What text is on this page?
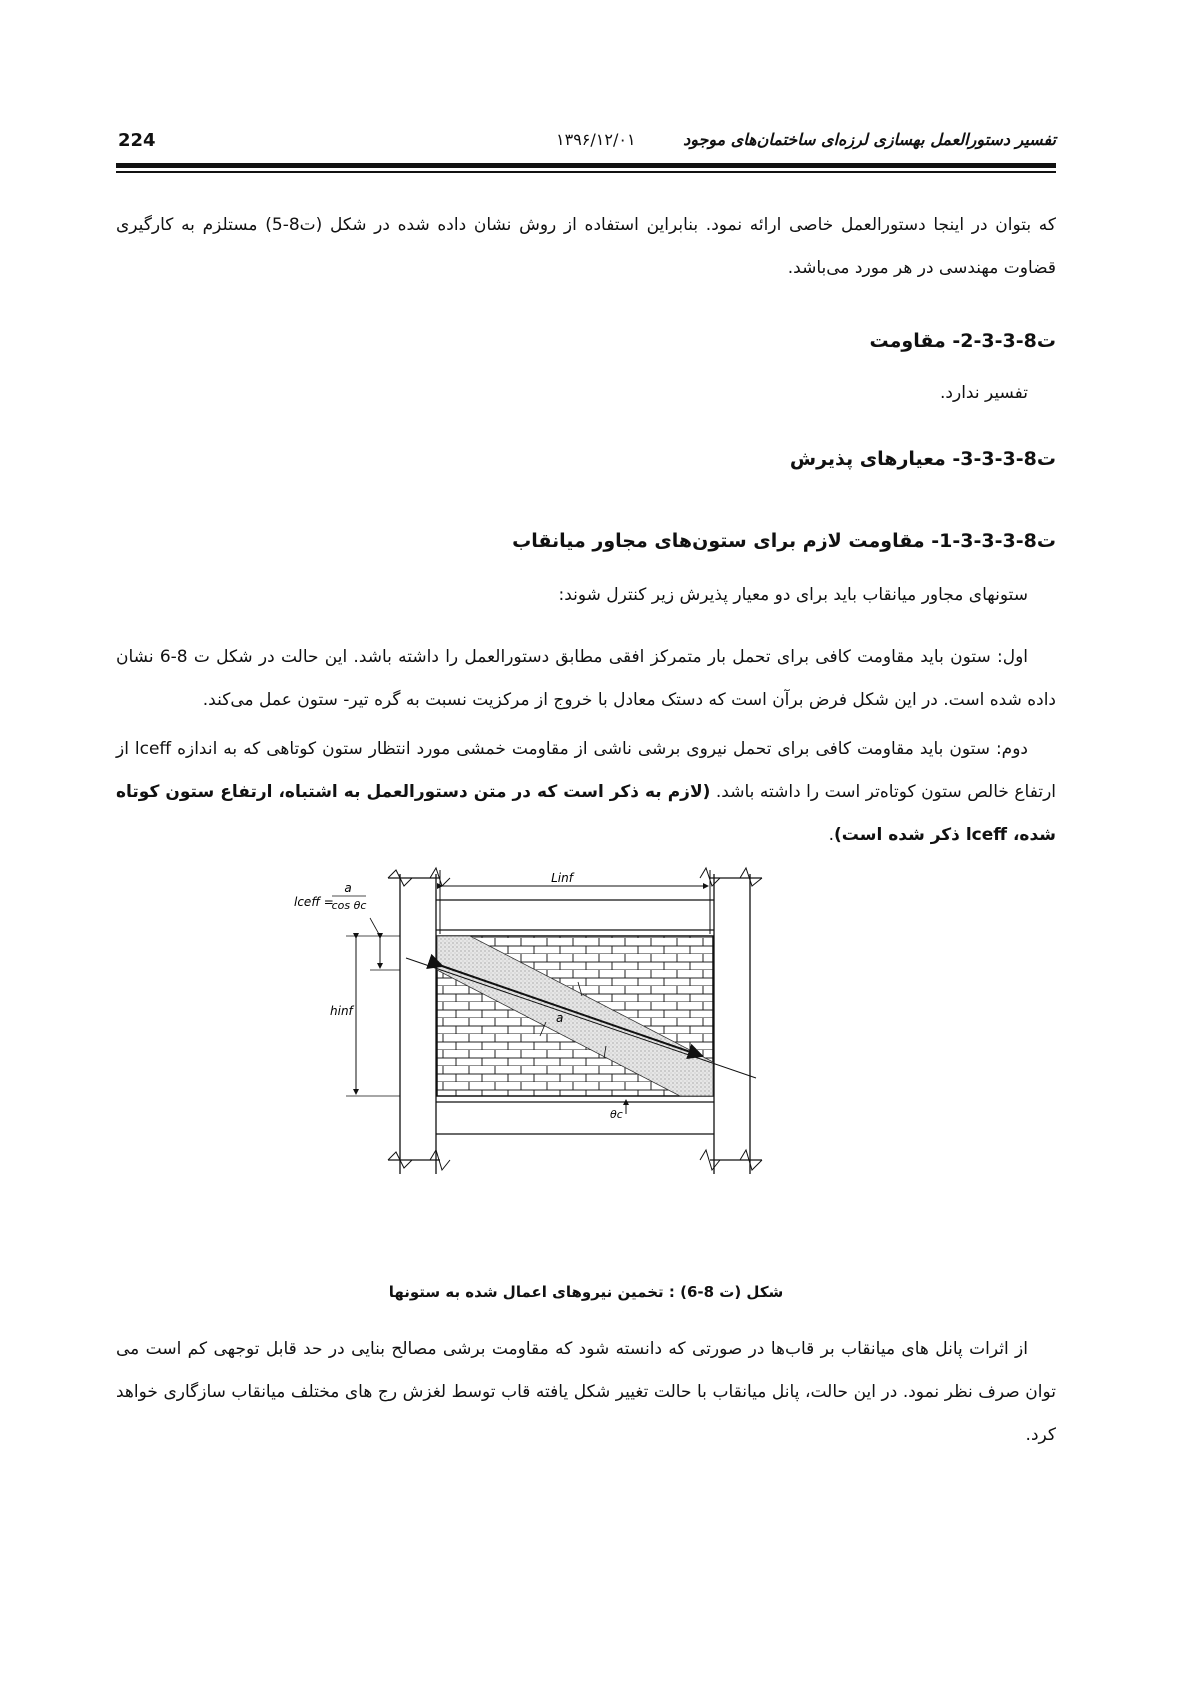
224	۱۳۹۶/۱۲/۰۱	تفسیر دستورالعمل بهسازی لرزه‌ای ساختمان‌های موجود
که بتوان در اینجا دستورالعمل خاصی ارائه نمود. بنابراین استفاده از روش نشان داده شده در شکل (ت8-5) مستلزم به کارگیری قضاوت مهندسی در هر مورد می‌باشد.
ت8-3-3-2- مقاومت
تفسیر ندارد.
ت8-3-3-3- معیارهای پذیرش
ت8-3-3-3-1- مقاومت لازم برای ستون‌های مجاور میانقاب
ستونهای مجاور میانقاب باید برای دو معیار پذیرش زیر کنترل شوند:
اول: ستون باید مقاومت کافی برای تحمل بار متمرکز افقی مطابق دستورالعمل را داشته باشد. این حالت در شکل ت 8-6 نشان داده شده است. در این شکل فرض برآن است که دستک معادل با خروج از مرکزیت نسبت به گره تیر- ستون عمل می‌کند.
دوم: ستون باید مقاومت کافی برای تحمل نیروی برشی ناشی از مقاومت خمشی مورد انتظار ستون کوتاهی که به اندازه lceff از ارتفاع خالص ستون کوتاه‌تر است را داشته باشد. (لازم به ذکر است که در متن دستورالعمل به اشتباه، ارتفاع ستون کوتاه شده، lceff ذکر شده است).
Linf
lceff =
a
cos θc
hinf	a
θc
شکل (ت 8-6) : تخمین نیروهای اعمال شده به ستونها
از اثرات پانل های میانقاب بر قاب‌ها در صورتی که دانسته شود که مقاومت برشی مصالح بنایی در حد قابل توجهی کم است می توان صرف نظر نمود. در این حالت، پانل میانقاب با حالت تغییر شکل یافته قاب توسط لغزش رج های مختلف میانقاب سازگاری خواهد کرد.
